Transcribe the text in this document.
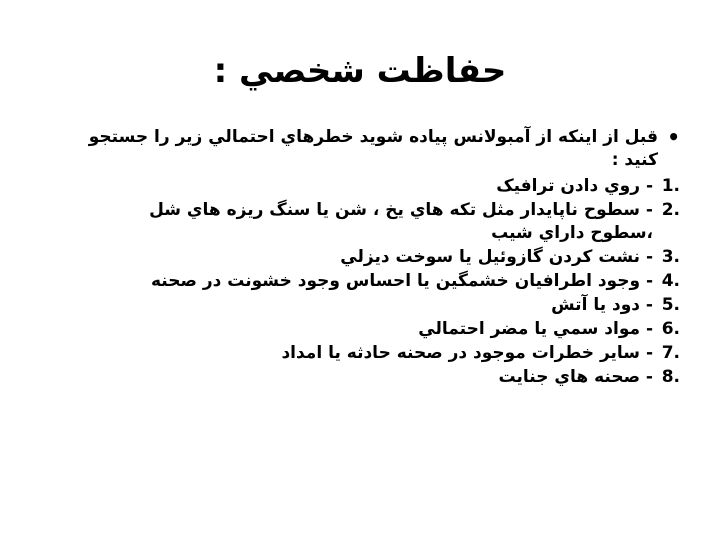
حفاظت شخصي :
•
قبل از اينکه از آمبولانس پياده شويد خطرهاي احتمالي زير را جستجو کنيد :
1.
- روي دادن ترافيک
2.
- سطوح ناپايدار مثل تکه هاي يخ ، شن يا سنگ ريزه هاي شل ،سطوح داراي شيب
3.
- نشت کردن گازوئيل يا سوخت ديزلي
4.
- وجود اطرافيان خشمگين يا احساس وجود خشونت در صحنه
5.
- دود يا آتش
6.
- مواد سمي يا مضر احتمالي
7.
- ساير خطرات موجود در صحنه حادثه يا امداد
8.
- صحنه هاي جنايت
